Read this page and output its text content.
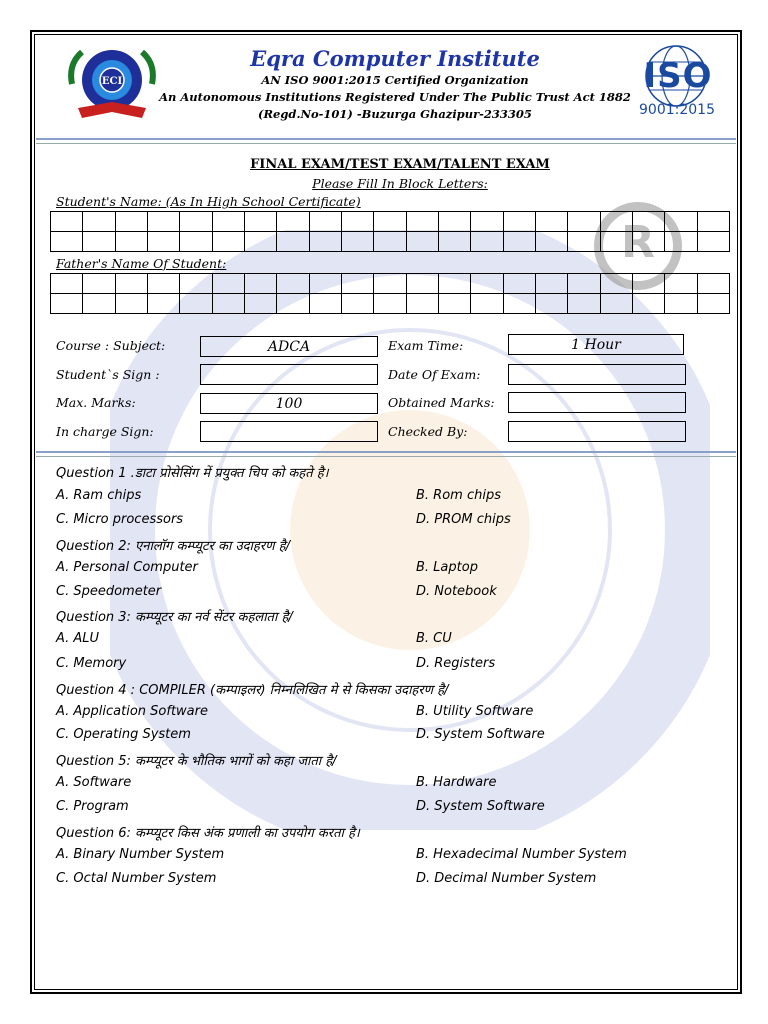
R
ECI
Eqra Computer Institute
AN ISO 9001:2015 Certified Organization
An Autonomous Institutions Registered Under The Public Trust Act 1882
(Regd.No-101) -Buzurga Ghazipur-233305
ISO
9001:2015
FINAL EXAM/TEST EXAM/TALENT EXAM
Please Fill In Block Letters:
Student's Name: (As In High School Certificate)

Father's Name Of Student:

Course : Subject:	ADCA	Exam Time:	1 Hour
Student`s Sign :	Date Of Exam:
Max. Marks:	100	Obtained Marks:
In charge Sign:	Checked By:
Question 1 .डाटा प्रोसेसिंग में प्रयुक्त चिप को कहते है।
A. Ram chips	B. Rom chips
C. Micro processors	D. PROM chips
Question 2: एनालॉग कम्प्यूटर का उदाहरण है/
A. Personal Computer	B. Laptop
C. Speedometer	D. Notebook
Question 3: कम्प्यूटर का नर्व सेंटर कहलाता है/
A. ALU	B. CU
C. Memory	D. Registers
Question 4 : COMPILER (कम्पाइलर) निम्नलिखित मे से किसका उदाहरण है/
A. Application Software	B. Utility Software
C. Operating System	D. System Software
Question 5: कम्प्यूटर के भौतिक भागों को कहा जाता है/
A. Software	B. Hardware
C. Program	D. System Software
Question 6: कम्प्यूटर किस अंक प्रणाली का उपयोग करता है।
A. Binary Number System	B. Hexadecimal Number System
C. Octal Number System	D. Decimal Number System
